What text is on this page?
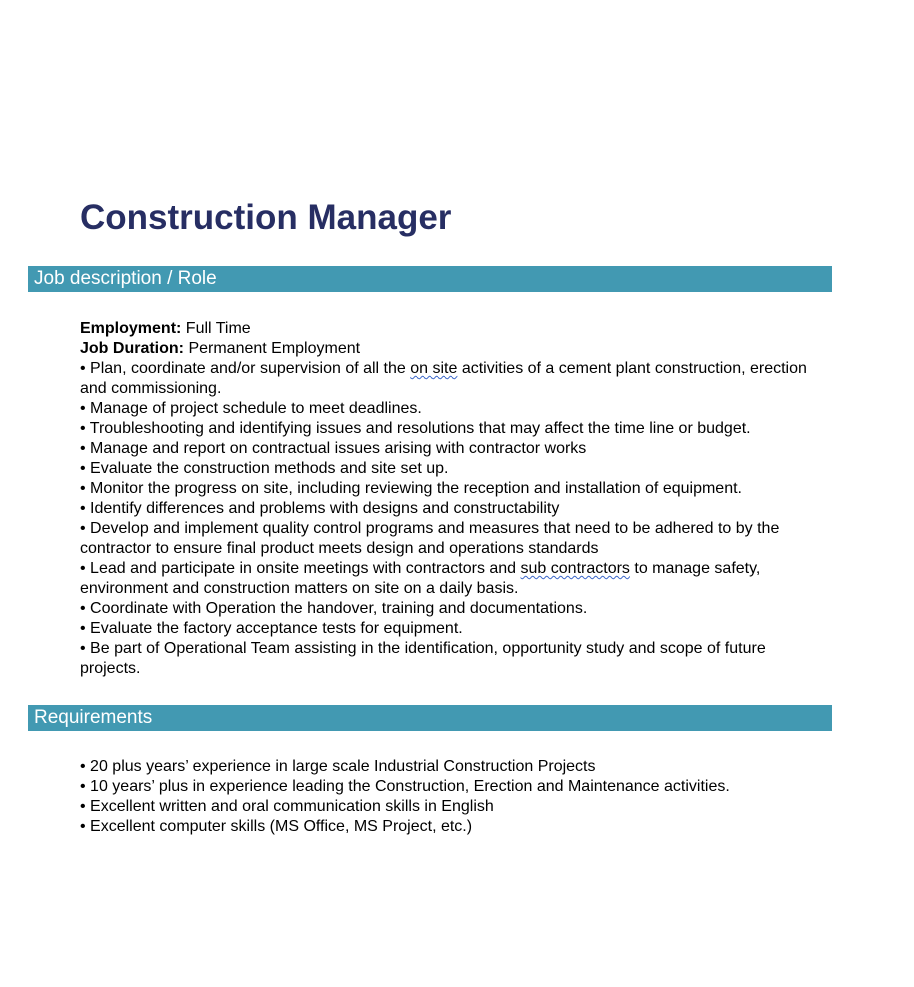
Construction Manager
Job description / Role
Employment: Full Time
Job Duration: Permanent Employment
• Plan, coordinate and/or supervision of all the on site activities of a cement plant construction, erection and commissioning.
• Manage of project schedule to meet deadlines.
• Troubleshooting and identifying issues and resolutions that may affect the time line or budget.
• Manage and report on contractual issues arising with contractor works
• Evaluate the construction methods and site set up.
• Monitor the progress on site, including reviewing the reception and installation of equipment.
• Identify differences and problems with designs and constructability
• Develop and implement quality control programs and measures that need to be adhered to by the contractor to ensure final product meets design and operations standards
• Lead and participate in onsite meetings with contractors and sub contractors to manage safety, environment and construction matters on site on a daily basis.
• Coordinate with Operation the handover, training and documentations.
• Evaluate the factory acceptance tests for equipment.
• Be part of Operational Team assisting in the identification, opportunity study and scope of future projects.
Requirements
• 20 plus years’ experience in large scale Industrial Construction Projects
• 10 years’ plus in experience leading the Construction, Erection and Maintenance activities.
• Excellent written and oral communication skills in English
• Excellent computer skills (MS Office, MS Project, etc.)
